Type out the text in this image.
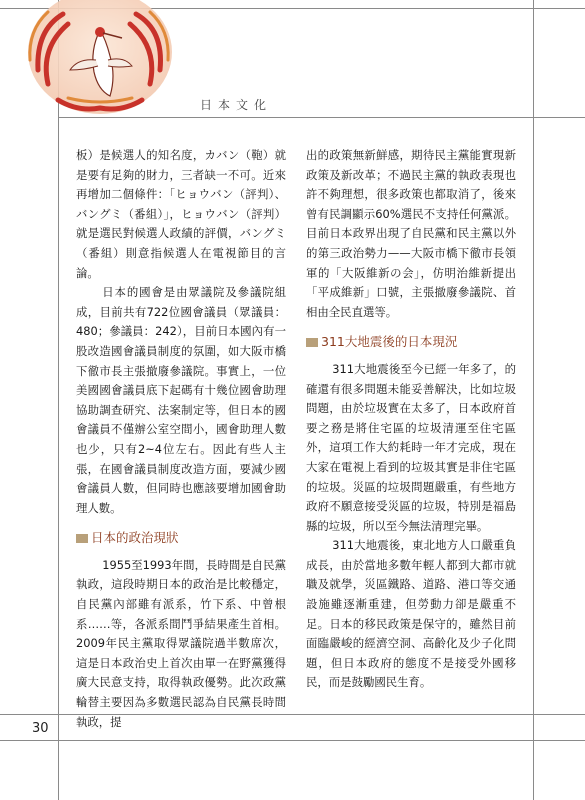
日本文化

板）是候選人的知名度，カバン（鞄）就是要有足夠的財力，三者缺一不可。近來再增加二個條件：「ヒョウバン（評判）、バングミ（番組）」，ヒョウバン（評判）就是選民對候選人政績的評價，バングミ（番組）則意指候選人在電視節目的言論。

日本的國會是由眾議院及參議院組成，目前共有722位國會議員（眾議員：480；參議員：242），目前日本國內有一股改造國會議員制度的氛圍，如大阪市橋下徹市長主張撤廢參議院。事實上，一位美國國會議員底下起碼有十幾位國會助理協助調查研究、法案制定等，但日本的國會議員不僅辦公室空間小，國會助理人數也少，只有2~4位左右。因此有些人主張，在國會議員制度改造方面，要減少國會議員人數，但同時也應該要增加國會助理人數。

日本的政治現狀

1955至1993年間，長時間是自民黨執政，這段時期日本的政治是比較穩定，自民黨內部雖有派系，竹下系、中曾根系……等，各派系間鬥爭結果產生首相。2009年民主黨取得眾議院過半數席次，這是日本政治史上首次由單一在野黨獲得廣大民意支持，取得執政優勢。此次政黨輪替主要因為多數選民認為自民黨長時間執政，提

出的政策無新鮮感，期待民主黨能實現新政策及新改革；不過民主黨的執政表現也許不夠理想，很多政策也都取消了，後來曾有民調顯示60%選民不支持任何黨派。目前日本政界出現了自民黨和民主黨以外的第三政治勢力——大阪市橋下徹市長領軍的「大阪維新の会」，仿明治維新提出「平成維新」口號，主張撤廢參議院、首相由全民直選等。

311大地震後的日本現況

311大地震後至今已經一年多了，的確還有很多問題未能妥善解決，比如垃圾問題，由於垃圾實在太多了，日本政府首要之務是將住宅區的垃圾清運至住宅區外，這項工作大約耗時一年才完成，現在大家在電視上看到的垃圾其實是非住宅區的垃圾。災區的垃圾問題嚴重，有些地方政府不願意接受災區的垃圾，特別是福島縣的垃圾，所以至今無法清理完畢。

311大地震後，東北地方人口嚴重負成長，由於當地多數年輕人都到大都市就職及就學，災區鐵路、道路、港口等交通設施雖逐漸重建，但勞動力卻是嚴重不足。日本的移民政策是保守的，雖然目前面臨嚴峻的經濟空洞、高齡化及少子化問題，但日本政府的態度不是接受外國移民，而是鼓勵國民生育。

30
